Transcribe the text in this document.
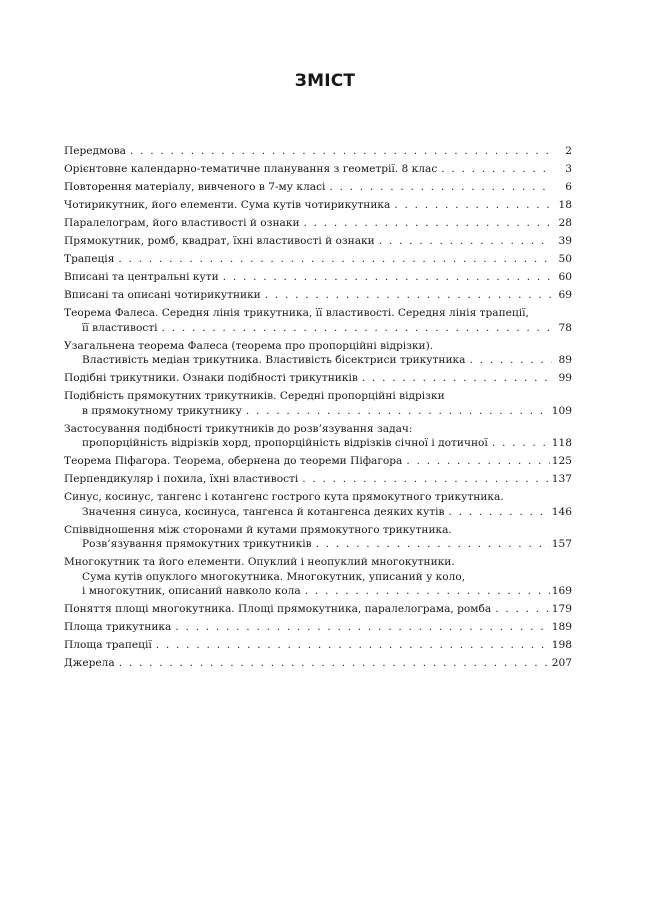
ЗМІСТ
Передмова . . .	2
Орієнтовне календарно-тематичне планування з геометрії. 8 клас . . .	3
Повторення матеріалу, вивченого в 7-му класі . . .	6
Чотирикутник, його елементи. Сума кутів чотирикутника . . .	18
Паралелограм, його властивості й ознаки . . .	28
Прямокутник, ромб, квадрат, їхні властивості й ознаки . . .	39
Трапеція . . .	50
Вписані та центральні кути . . .	60
Вписані та описані чотирикутники . . .	69
Теорема Фалеса. Середня лінія трикутника, її властивості. Середня лінія трапеції,
її властивості . . .	78
Узагальнена теорема Фалеса (теорема про пропорційні відрізки).
Властивість медіан трикутника. Властивість бісектриси трикутника . . .	89
Подібні трикутники. Ознаки подібності трикутників . . .	99
Подібність прямокутних трикутників. Середні пропорційні відрізки
в прямокутному трикутнику . . .	109
Застосування подібності трикутників до розв’язування задач:
пропорційність відрізків хорд, пропорційність відрізків січної і дотичної . . .	118
Теорема Піфагора. Теорема, обернена до теореми Піфагора . . .	125
Перпендикуляр і похила, їхні властивості . . .	137
Синус, косинус, тангенс і котангенс гострого кута прямокутного трикутника.
Значення синуса, косинуса, тангенса й котангенса деяких кутів . . .	146
Співвідношення між сторонами й кутами прямокутного трикутника.
Розв’язування прямокутних трикутників . . .	157
Многокутник та його елементи. Опуклий і неопуклий многокутники.
Сума кутів опуклого многокутника. Многокутник, уписаний у коло,
і многокутник, описаний навколо кола . . .	169
Поняття площі многокутника. Площі прямокутника, паралелограма, ромба . . .	179
Площа трикутника . . .	189
Площа трапеції . . .	198
Джерела . . .	207
